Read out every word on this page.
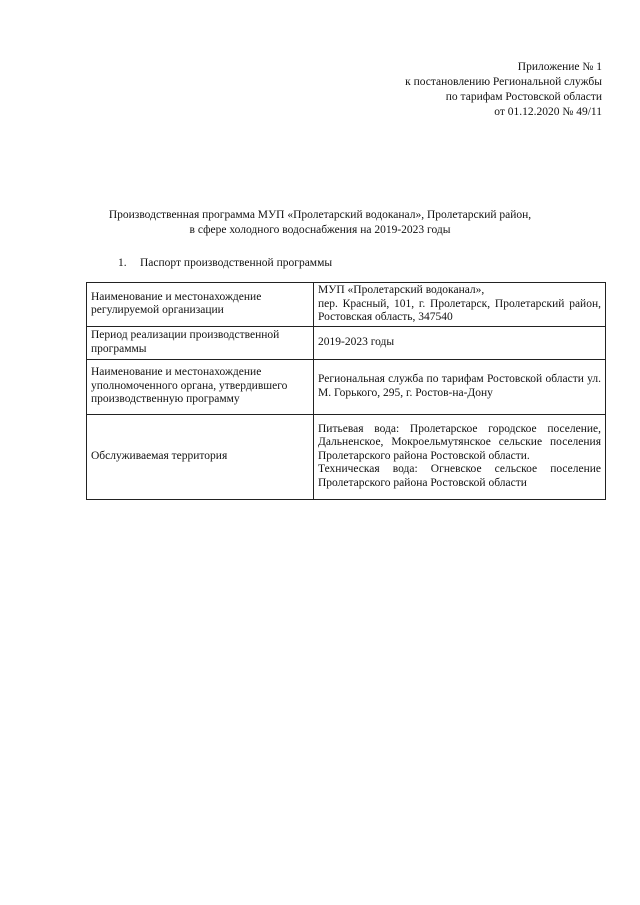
Приложение № 1
к постановлению Региональной службы
по тарифам Ростовской области
от 01.12.2020 № 49/11
Производственная программа МУП «Пролетарский водоканал», Пролетарский район,
в сфере холодного водоснабжения на 2019-2023 годы
1. Паспорт производственной программы
Наименование и местонахождение регулируемой организации	МУП «Пролетарский водоканал»,
пер. Красный, 101, г. Пролетарск, Пролетарский район, Ростовская область, 347540

Период реализации производственной программы	2019-2023 годы

Наименование и местонахождение уполномоченного органа, утвердившего производственную программу	Региональная служба по тарифам Ростовской области ул. М. Горького, 295, г. Ростов-на-Дону

Обслуживаемая территория	Питьевая вода: Пролетарское городское поселение, Дальненское, Мокроельмутянское сельские поселения Пролетарского района Ростовской области.
Техническая вода: Огневское сельское поселение Пролетарского района Ростовской области
